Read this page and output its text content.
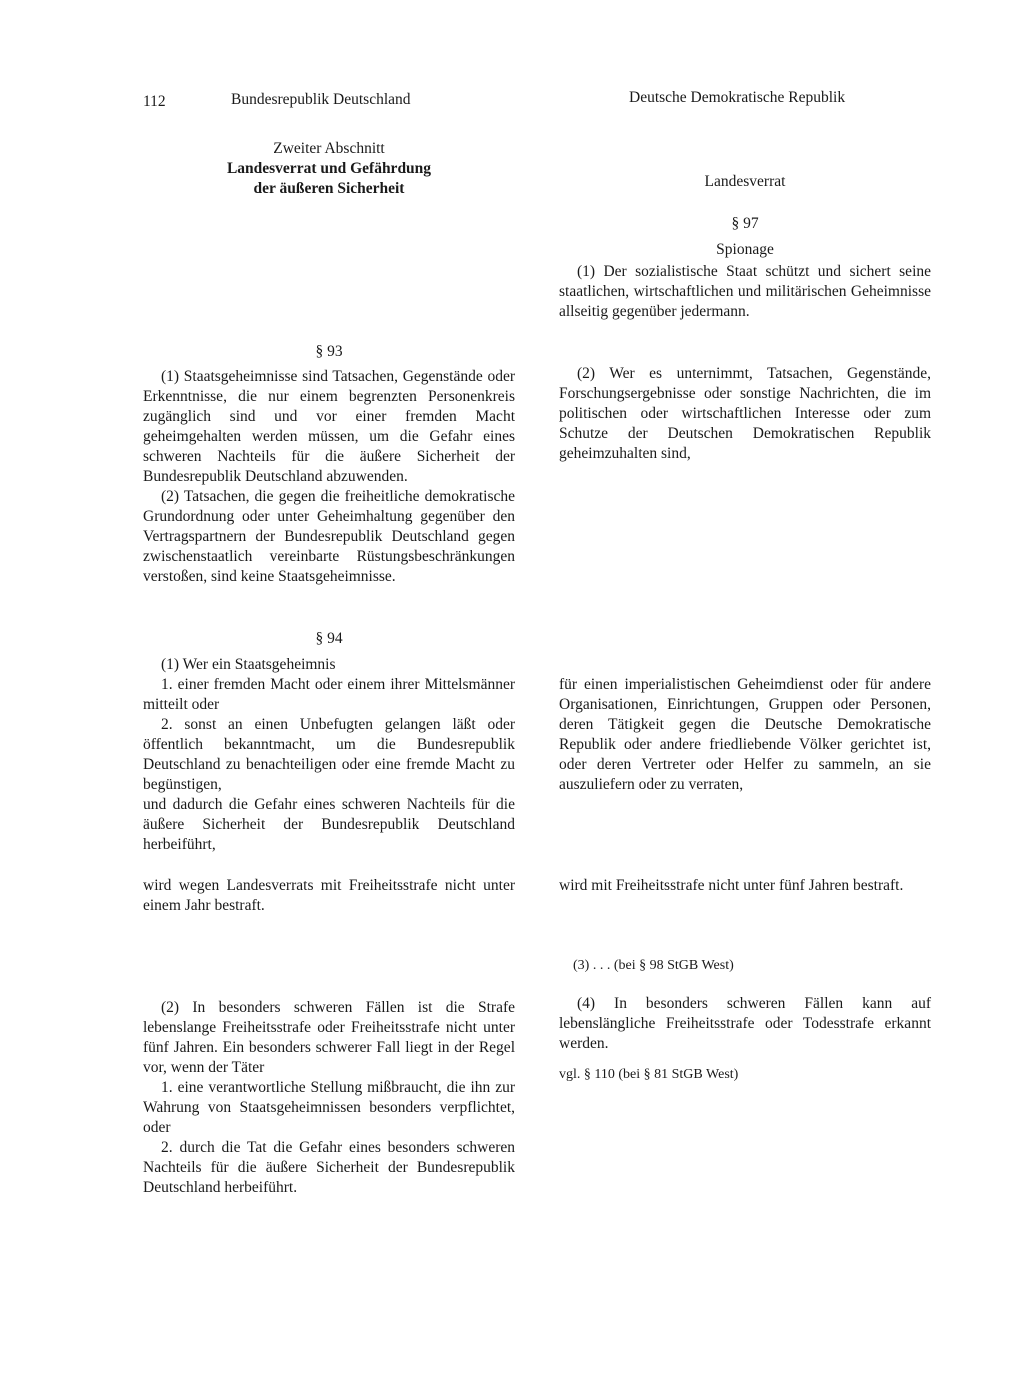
112	Bundesrepublik Deutschland	Deutsche Demokratische Republik
Zweiter Abschnitt

Landesverrat und Gefährdung

der äußeren Sicherheit

§ 93

(1) Staatsgeheimnisse sind Tatsachen, Gegenstände oder Erkenntnisse, die nur einem begrenzten Personenkreis zugänglich sind und vor einer fremden Macht geheimgehalten werden müssen, um die Gefahr eines schweren Nachteils für die äußere Sicherheit der Bundesrepublik Deutschland abzuwenden.

(2) Tatsachen, die gegen die freiheitliche demokratische Grundordnung oder unter Geheimhaltung gegenüber den Vertragspartnern der Bundesrepublik Deutschland gegen zwischenstaatlich vereinbarte Rüstungsbeschränkungen verstoßen, sind keine Staatsgeheimnisse.

§ 94

(1) Wer ein Staatsgeheimnis

1. einer fremden Macht oder einem ihrer Mittelsmänner mitteilt oder

2. sonst an einen Unbefugten gelangen läßt oder öffentlich bekanntmacht, um die Bundesrepublik Deutschland zu benachteiligen oder eine fremde Macht zu begünstigen,

und dadurch die Gefahr eines schweren Nachteils für die äußere Sicherheit der Bundesrepublik Deutschland herbeiführt,

wird wegen Landesverrats mit Freiheitsstrafe nicht unter einem Jahr bestraft.

(2) In besonders schweren Fällen ist die Strafe lebenslange Freiheitsstrafe oder Freiheitsstrafe nicht unter fünf Jahren. Ein besonders schwerer Fall liegt in der Regel vor, wenn der Täter

1. eine verantwortliche Stellung mißbraucht, die ihn zur Wahrung von Staatsgeheimnissen besonders verpflichtet, oder

2. durch die Tat die Gefahr eines besonders schweren Nachteils für die äußere Sicherheit der Bundesrepublik Deutschland herbeiführt.

Landesverrat
§ 97
Spionage
(1) Der sozialistische Staat schützt und sichert seine staatlichen, wirtschaftlichen und militärischen Geheimnisse allseitig gegenüber jedermann.
(2) Wer es unternimmt, Tatsachen, Gegenstände, Forschungsergebnisse oder sonstige Nachrichten, die im politischen oder wirtschaftlichen Interesse oder zum Schutze der Deutschen Demokratischen Republik geheimzuhalten sind,
für einen imperialistischen Geheimdienst oder für andere Organisationen, Einrichtungen, Gruppen oder Personen, deren Tätigkeit gegen die Deutsche Demokratische Republik oder andere friedliebende Völker gerichtet ist, oder deren Vertreter oder Helfer zu sammeln, an sie auszuliefern oder zu verraten,
wird mit Freiheitsstrafe nicht unter fünf Jahren bestraft.
(3) . . . (bei § 98 StGB West)
(4) In besonders schweren Fällen kann auf lebenslängliche Freiheitsstrafe oder Todesstrafe erkannt werden.
vgl. § 110 (bei § 81 StGB West)
